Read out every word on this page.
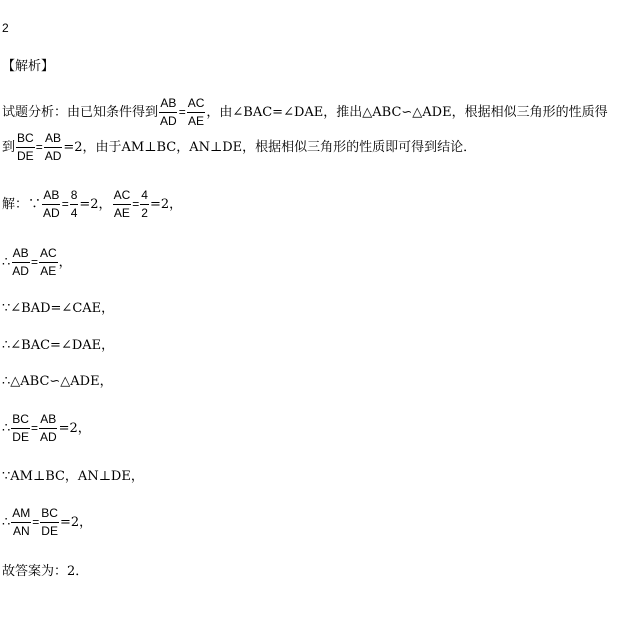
2
【解析】
试题分析： 由已知条件得到 $\frac{AB}{AD} = \frac{AC}{AE}$ ，由∠BAC=∠DAE，推出△ABC∽△ADE，根据相似三角形的性质得
到 $\frac{BC}{DE} = \frac{AB}{AD} =2$，由于AM⊥BC，AN⊥DE，根据相似三角形的性质即可得到结论．
解：∵ $\frac{AB}{AD} = \frac{8}{4} =2$， $\frac{AC}{AE} = \frac{4}{2} =2$，
∴ $\frac{AB}{AD} = \frac{AC}{AE}$ ，
∵∠BAD=∠CAE，
∴∠BAC=∠DAE，
∴△ABC∽△ADE，
∴ $\frac{BC}{DE} = \frac{AB}{AD} =2$，
∵AM⊥BC，AN⊥DE，
∴ $\frac{AM}{AN} = \frac{BC}{DE} =2$，
故答案为：2．
